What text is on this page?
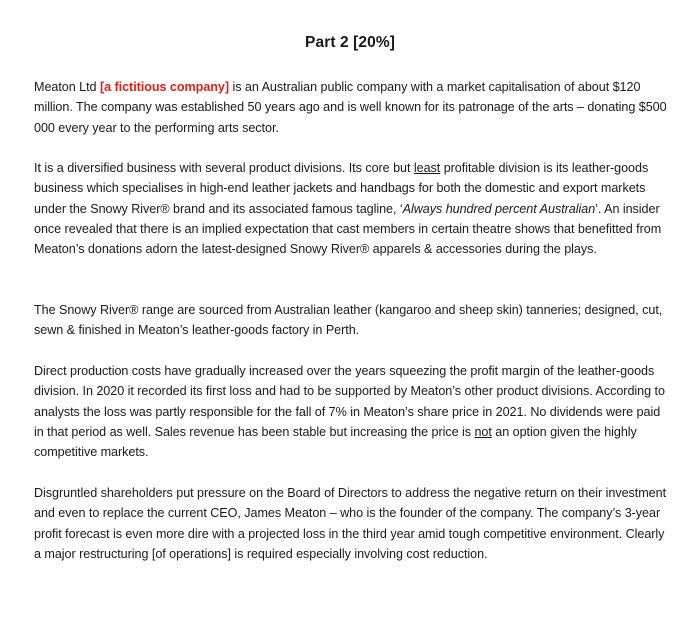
Part 2 [20%]

Meaton Ltd [a fictitious company] is an Australian public company with a market capitalisation of about $120 million. The company was established 50 years ago and is well known for its patronage of the arts – donating $500 000 every year to the performing arts sector.

It is a diversified business with several product divisions. Its core but least profitable division is its leather-goods business which specialises in high-end leather jackets and handbags for both the domestic and export markets under the Snowy River® brand and its associated famous tagline, ‘Always hundred percent Australian’. An insider once revealed that there is an implied expectation that cast members in certain theatre shows that benefitted from Meaton’s donations adorn the latest-designed Snowy River® apparels & accessories during the plays.

The Snowy River® range are sourced from Australian leather (kangaroo and sheep skin) tanneries; designed, cut, sewn & finished in Meaton’s leather-goods factory in Perth.

Direct production costs have gradually increased over the years squeezing the profit margin of the leather-goods division. In 2020 it recorded its first loss and had to be supported by Meaton’s other product divisions. According to analysts the loss was partly responsible for the fall of 7% in Meaton’s share price in 2021. No dividends were paid in that period as well. Sales revenue has been stable but increasing the price is not an option given the highly competitive markets.

Disgruntled shareholders put pressure on the Board of Directors to address the negative return on their investment and even to replace the current CEO, James Meaton – who is the founder of the company. The company’s 3-year profit forecast is even more dire with a projected loss in the third year amid tough competitive environment. Clearly a major restructuring [of operations] is required especially involving cost reduction.
